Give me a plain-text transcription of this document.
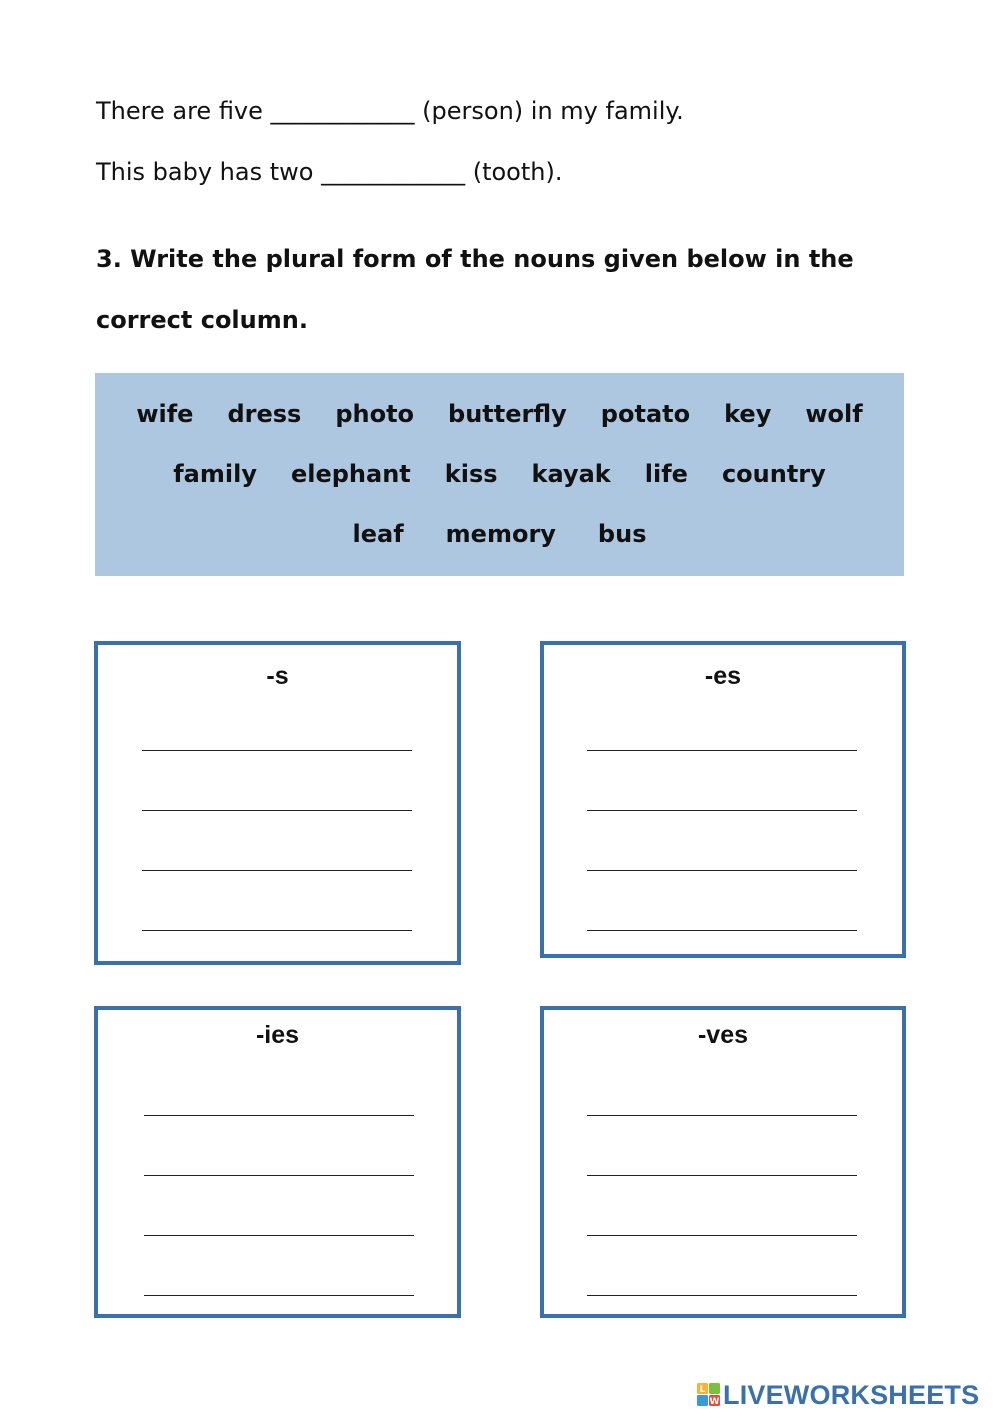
There are five ____________ (person) in my family.
This baby has two ____________ (tooth).
3. Write the plural form of the nouns given below in the
correct column.
wife dress photo butterfly potato key wolf
family elephant kiss kayak life country
leaf memory bus
-s	-es
-ies	-ves
L
W LIVEWORKSHEETS
